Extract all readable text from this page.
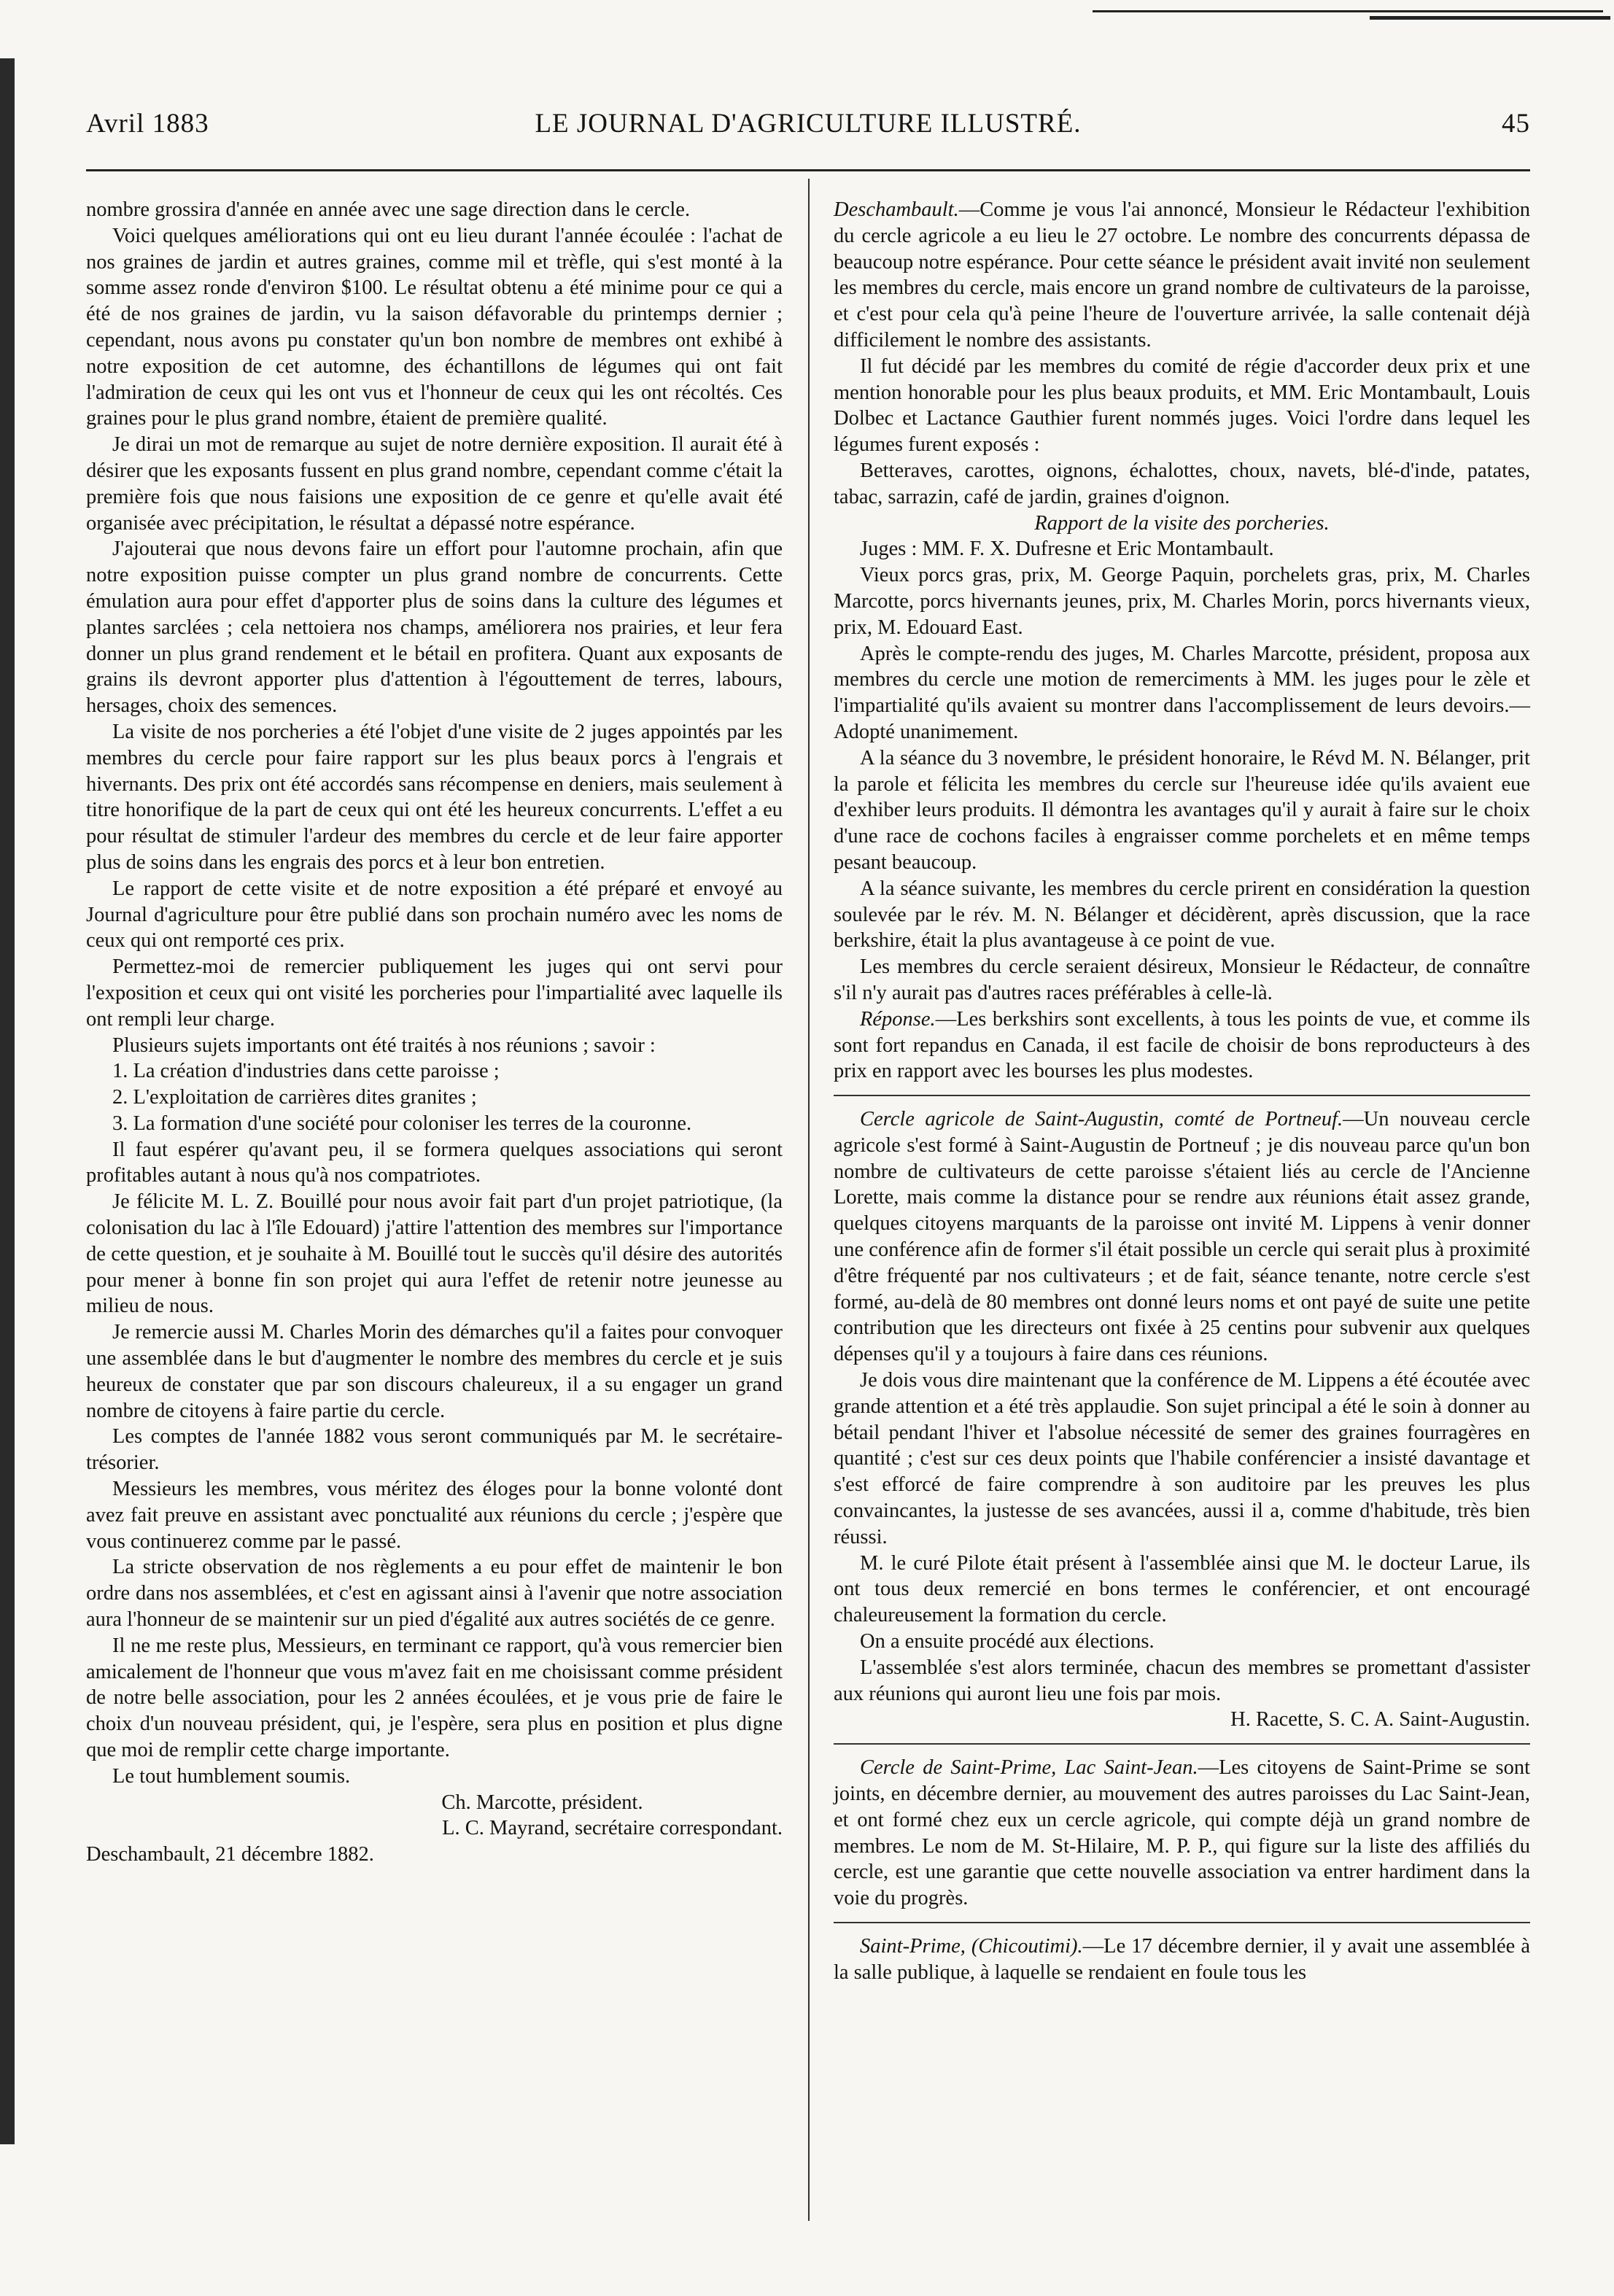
Avril 1883	LE JOURNAL D'AGRICULTURE ILLUSTRÉ.	45

nombre grossira d'année en année avec une sage direction dans le cercle.

Voici quelques améliorations qui ont eu lieu durant l'année écoulée : l'achat de nos graines de jardin et autres graines, comme mil et trèfle, qui s'est monté à la somme assez ronde d'environ $100. Le résultat obtenu a été minime pour ce qui a été de nos graines de jardin, vu la saison défavorable du printemps dernier ; cependant, nous avons pu constater qu'un bon nombre de membres ont exhibé à notre exposition de cet automne, des échantillons de légumes qui ont fait l'admiration de ceux qui les ont vus et l'honneur de ceux qui les ont récoltés. Ces graines pour le plus grand nombre, étaient de première qualité.

Je dirai un mot de remarque au sujet de notre dernière exposition. Il aurait été à désirer que les exposants fussent en plus grand nombre, cependant comme c'était la première fois que nous faisions une exposition de ce genre et qu'elle avait été organisée avec précipitation, le résultat a dépassé notre espérance.

J'ajouterai que nous devons faire un effort pour l'automne prochain, afin que notre exposition puisse compter un plus grand nombre de concurrents. Cette émulation aura pour effet d'apporter plus de soins dans la culture des légumes et plantes sarclées ; cela nettoiera nos champs, améliorera nos prairies, et leur fera donner un plus grand rendement et le bétail en profitera. Quant aux exposants de grains ils devront apporter plus d'attention à l'égouttement de terres, labours, hersages, choix des semences.

La visite de nos porcheries a été l'objet d'une visite de 2 juges appointés par les membres du cercle pour faire rapport sur les plus beaux porcs à l'engrais et hivernants. Des prix ont été accordés sans récompense en deniers, mais seulement à titre honorifique de la part de ceux qui ont été les heureux concurrents. L'effet a eu pour résultat de stimuler l'ardeur des membres du cercle et de leur faire apporter plus de soins dans les engrais des porcs et à leur bon entretien.

Le rapport de cette visite et de notre exposition a été préparé et envoyé au Journal d'agriculture pour être publié dans son prochain numéro avec les noms de ceux qui ont remporté ces prix.

Permettez-moi de remercier publiquement les juges qui ont servi pour l'exposition et ceux qui ont visité les porcheries pour l'impartialité avec laquelle ils ont rempli leur charge.

Plusieurs sujets importants ont été traités à nos réunions ; savoir :

1. La création d'industries dans cette paroisse ;
2. L'exploitation de carrières dites granites ;
3. La formation d'une société pour coloniser les terres de la couronne.

Il faut espérer qu'avant peu, il se formera quelques associations qui seront profitables autant à nous qu'à nos compatriotes.

Je félicite M. L. Z. Bouillé pour nous avoir fait part d'un projet patriotique, (la colonisation du lac à l'île Edouard) j'attire l'attention des membres sur l'importance de cette question, et je souhaite à M. Bouillé tout le succès qu'il désire des autorités pour mener à bonne fin son projet qui aura l'effet de retenir notre jeunesse au milieu de nous.

Je remercie aussi M. Charles Morin des démarches qu'il a faites pour convoquer une assemblée dans le but d'augmenter le nombre des membres du cercle et je suis heureux de constater que par son discours chaleureux, il a su engager un grand nombre de citoyens à faire partie du cercle.

Les comptes de l'année 1882 vous seront communiqués par M. le secrétaire-trésorier.

Messieurs les membres, vous méritez des éloges pour la bonne volonté dont avez fait preuve en assistant avec ponctualité aux réunions du cercle ; j'espère que vous continuerez comme par le passé.

La stricte observation de nos règlements a eu pour effet de maintenir le bon ordre dans nos assemblées, et c'est en agissant ainsi à l'avenir que notre association aura l'honneur de se maintenir sur un pied d'égalité aux autres sociétés de ce genre.

Il ne me reste plus, Messieurs, en terminant ce rapport, qu'à vous remercier bien amicalement de l'honneur que vous m'avez fait en me choisissant comme président de notre belle association, pour les 2 années écoulées, et je vous prie de faire le choix d'un nouveau président, qui, je l'espère, sera plus en position et plus digne que moi de remplir cette charge importante.

Le tout humblement soumis.

Ch. Marcotte, président.

L. C. Mayrand, secrétaire correspondant.

Deschambault, 21 décembre 1882.

Deschambault.—Comme je vous l'ai annoncé, Monsieur le Rédacteur l'exhibition du cercle agricole a eu lieu le 27 octobre. Le nombre des concurrents dépassa de beaucoup notre espérance. Pour cette séance le président avait invité non seulement les membres du cercle, mais encore un grand nombre de cultivateurs de la paroisse, et c'est pour cela qu'à peine l'heure de l'ouverture arrivée, la salle contenait déjà difficilement le nombre des assistants.

Il fut décidé par les membres du comité de régie d'accorder deux prix et une mention honorable pour les plus beaux produits, et MM. Eric Montambault, Louis Dolbec et Lactance Gauthier furent nommés juges. Voici l'ordre dans lequel les légumes furent exposés :

Betteraves, carottes, oignons, échalottes, choux, navets, blé-d'inde, patates, tabac, sarrazin, café de jardin, graines d'oignon.

Rapport de la visite des porcheries.

Juges : MM. F. X. Dufresne et Eric Montambault.

Vieux porcs gras, prix, M. George Paquin, porchelets gras, prix, M. Charles Marcotte, porcs hivernants jeunes, prix, M. Charles Morin, porcs hivernants vieux, prix, M. Edouard East.

Après le compte-rendu des juges, M. Charles Marcotte, président, proposa aux membres du cercle une motion de remerciments à MM. les juges pour le zèle et l'impartialité qu'ils avaient su montrer dans l'accomplissement de leurs devoirs.—Adopté unanimement.

A la séance du 3 novembre, le président honoraire, le Révd M. N. Bélanger, prit la parole et félicita les membres du cercle sur l'heureuse idée qu'ils avaient eue d'exhiber leurs produits. Il démontra les avantages qu'il y aurait à faire sur le choix d'une race de cochons faciles à engraisser comme porchelets et en même temps pesant beaucoup.

A la séance suivante, les membres du cercle prirent en considération la question soulevée par le rév. M. N. Bélanger et décidèrent, après discussion, que la race berkshire, était la plus avantageuse à ce point de vue.

Les membres du cercle seraient désireux, Monsieur le Rédacteur, de connaître s'il n'y aurait pas d'autres races préférables à celle-là.

Réponse.—Les berkshirs sont excellents, à tous les points de vue, et comme ils sont fort repandus en Canada, il est facile de choisir de bons reproducteurs à des prix en rapport avec les bourses les plus modestes.

Cercle agricole de Saint-Augustin, comté de Portneuf.—Un nouveau cercle agricole s'est formé à Saint-Augustin de Portneuf ; je dis nouveau parce qu'un bon nombre de cultivateurs de cette paroisse s'étaient liés au cercle de l'Ancienne Lorette, mais comme la distance pour se rendre aux réunions était assez grande, quelques citoyens marquants de la paroisse ont invité M. Lippens à venir donner une conférence afin de former s'il était possible un cercle qui serait plus à proximité d'être fréquenté par nos cultivateurs ; et de fait, séance tenante, notre cercle s'est formé, au-delà de 80 membres ont donné leurs noms et ont payé de suite une petite contribution que les directeurs ont fixée à 25 centins pour subvenir aux quelques dépenses qu'il y a toujours à faire dans ces réunions.

Je dois vous dire maintenant que la conférence de M. Lippens a été écoutée avec grande attention et a été très applaudie. Son sujet principal a été le soin à donner au bétail pendant l'hiver et l'absolue nécessité de semer des graines fourragères en quantité ; c'est sur ces deux points que l'habile conférencier a insisté davantage et s'est efforcé de faire comprendre à son auditoire par les preuves les plus convaincantes, la justesse de ses avancées, aussi il a, comme d'habitude, très bien réussi.

M. le curé Pilote était présent à l'assemblée ainsi que M. le docteur Larue, ils ont tous deux remercié en bons termes le conférencier, et ont encouragé chaleureusement la formation du cercle.

On a ensuite procédé aux élections.

L'assemblée s'est alors terminée, chacun des membres se promettant d'assister aux réunions qui auront lieu une fois par mois.

H. Racette, S. C. A. Saint-Augustin.

Cercle de Saint-Prime, Lac Saint-Jean.—Les citoyens de Saint-Prime se sont joints, en décembre dernier, au mouvement des autres paroisses du Lac Saint-Jean, et ont formé chez eux un cercle agricole, qui compte déjà un grand nombre de membres. Le nom de M. St-Hilaire, M. P. P., qui figure sur la liste des affiliés du cercle, est une garantie que cette nouvelle association va entrer hardiment dans la voie du progrès.

Saint-Prime, (Chicoutimi).—Le 17 décembre dernier, il y avait une assemblée à la salle publique, à laquelle se rendaient en foule tous les
